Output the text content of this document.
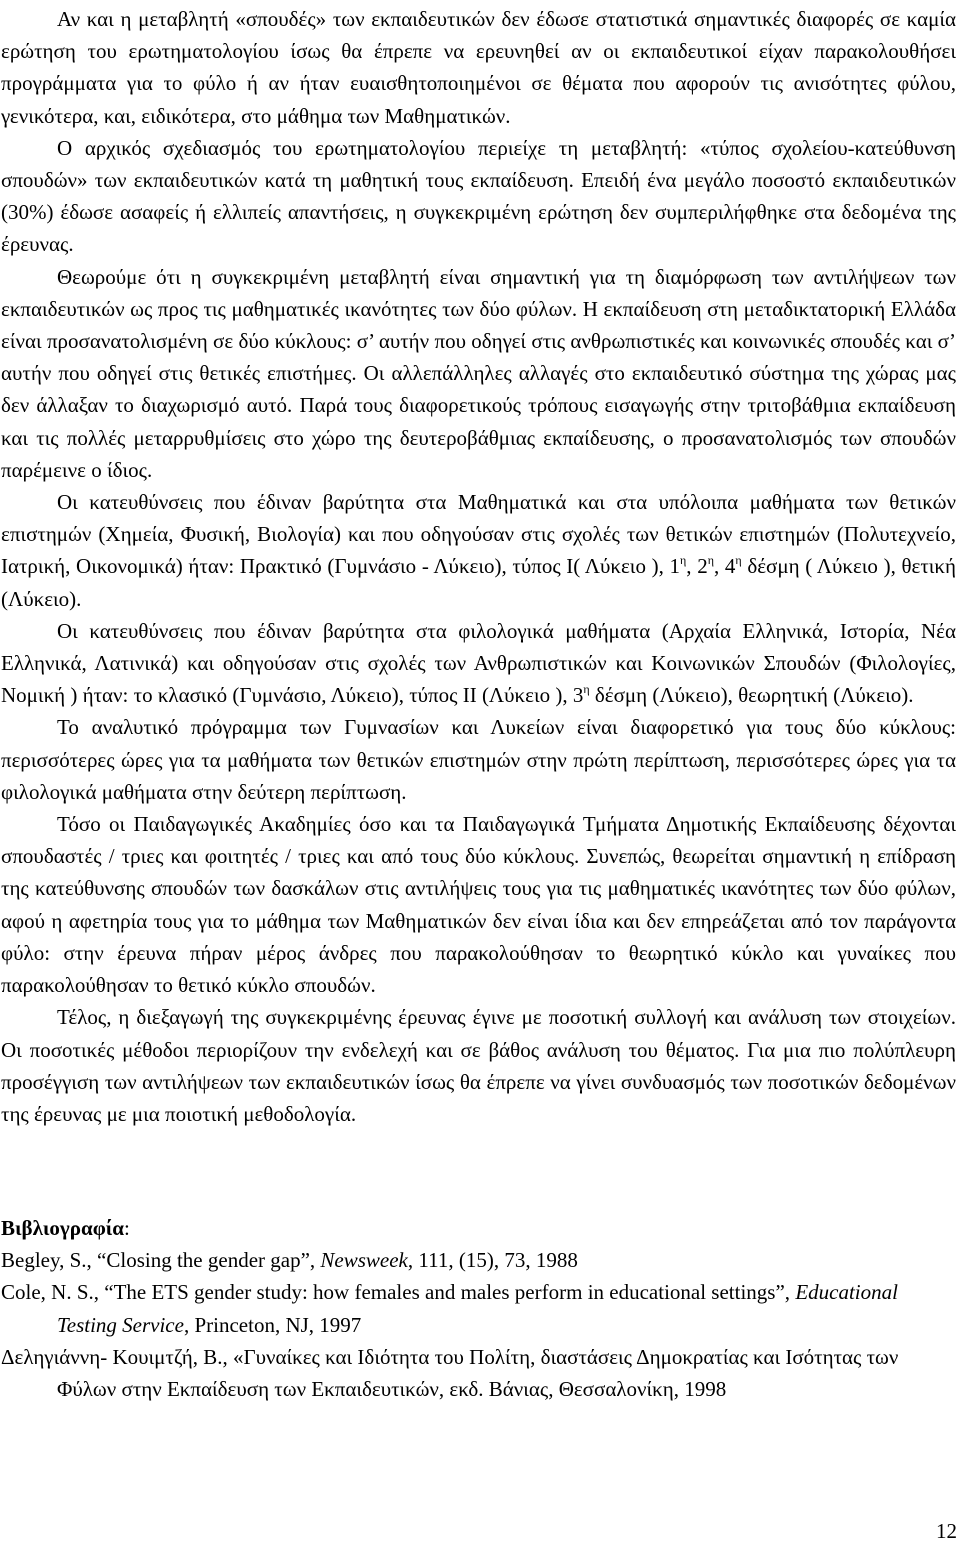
Αν και η μεταβλητή «σπουδές» των εκπαιδευτικών δεν έδωσε στατιστικά σημαντικές διαφορές σε καμία ερώτηση του ερωτηματολογίου ίσως θα έπρεπε να ερευνηθεί αν οι εκπαιδευτικοί είχαν παρακολουθήσει προγράμματα για το φύλο ή αν ήταν ευαισθητοποιημένοι σε θέματα που αφορούν τις ανισότητες φύλου, γενικότερα, και, ειδικότερα, στο μάθημα των Μαθηματικών.

Ο αρχικός σχεδιασμός του ερωτηματολογίου περιείχε τη μεταβλητή: «τύπος σχολείου-κατεύθυνση σπουδών» των εκπαιδευτικών κατά τη μαθητική τους εκπαίδευση. Επειδή ένα μεγάλο ποσοστό εκπαιδευτικών (30%) έδωσε ασαφείς ή ελλιπείς απαντήσεις, η συγκεκριμένη ερώτηση δεν συμπεριλήφθηκε στα δεδομένα της έρευνας.

Θεωρούμε ότι η συγκεκριμένη μεταβλητή είναι σημαντική για τη διαμόρφωση των αντιλήψεων των εκπαιδευτικών ως προς τις μαθηματικές ικανότητες των δύο φύλων. Η εκπαίδευση στη μεταδικτατορική Ελλάδα είναι προσανατολισμένη σε δύο κύκλους: σ’ αυτήν που οδηγεί στις ανθρωπιστικές και κοινωνικές σπουδές και σ’ αυτήν που οδηγεί στις θετικές επιστήμες. Οι αλλεπάλληλες αλλαγές στο εκπαιδευτικό σύστημα της χώρας μας δεν άλλαξαν το διαχωρισμό αυτό. Παρά τους διαφορετικούς τρόπους εισαγωγής στην τριτοβάθμια εκπαίδευση και τις πολλές μεταρρυθμίσεις στο χώρο της δευτεροβάθμιας εκπαίδευσης, ο προσανατολισμός των σπουδών παρέμεινε ο ίδιος.

Οι κατευθύνσεις που έδιναν βαρύτητα στα Μαθηματικά και στα υπόλοιπα μαθήματα των θετικών επιστημών (Χημεία, Φυσική, Βιολογία) και που οδηγούσαν στις σχολές των θετικών επιστημών (Πολυτεχνείο, Ιατρική, Οικονομικά) ήταν: Πρακτικό (Γυμνάσιο - Λύκειο), τύπος Ι( Λύκειο ), $1^\eta$, $2^\eta$, $4^\eta$ δέσμη ( Λύκειο ), θετική (Λύκειο).

Οι κατευθύνσεις που έδιναν βαρύτητα στα φιλολογικά μαθήματα (Αρχαία Ελληνικά, Ιστορία, Νέα Ελληνικά, Λατινικά) και οδηγούσαν στις σχολές των Ανθρωπιστικών και Κοινωνικών Σπουδών (Φιλολογίες, Νομική ) ήταν: το κλασικό (Γυμνάσιο, Λύκειο), τύπος ΙΙ (Λύκειο ), $3^\eta$ δέσμη (Λύκειο), θεωρητική (Λύκειο).

Το αναλυτικό πρόγραμμα των Γυμνασίων και Λυκείων είναι διαφορετικό για τους δύο κύκλους: περισσότερες ώρες για τα μαθήματα των θετικών επιστημών στην πρώτη περίπτωση, περισσότερες ώρες για τα φιλολογικά μαθήματα στην δεύτερη περίπτωση.

Τόσο οι Παιδαγωγικές Ακαδημίες όσο και τα Παιδαγωγικά Τμήματα Δημοτικής Εκπαίδευσης δέχονται σπουδαστές / τριες και φοιτητές / τριες και από τους δύο κύκλους. Συνεπώς, θεωρείται σημαντική η επίδραση της κατεύθυνσης σπουδών των δασκάλων στις αντιλήψεις τους για τις μαθηματικές ικανότητες των δύο φύλων, αφού η αφετηρία τους για το μάθημα των Μαθηματικών δεν είναι ίδια και δεν επηρεάζεται από τον παράγοντα φύλο: στην έρευνα πήραν μέρος άνδρες που παρακολούθησαν το θεωρητικό κύκλο και γυναίκες που παρακολούθησαν το θετικό κύκλο σπουδών.

Τέλος, η διεξαγωγή της συγκεκριμένης έρευνας έγινε με ποσοτική συλλογή και ανάλυση των στοιχείων. Οι ποσοτικές μέθοδοι περιορίζουν την ενδελεχή και σε βάθος ανάλυση του θέματος. Για μια πιο πολύπλευρη προσέγγιση των αντιλήψεων των εκπαιδευτικών ίσως θα έπρεπε να γίνει συνδυασμός των ποσοτικών δεδομένων της έρευνας με μια ποιοτική μεθοδολογία.

Βιβλιογραφία:

Begley, S., “Closing the gender gap”, Newsweek, 111, (15), 73, 1988

Cole, N. S., “The ETS gender study: how females and males perform in educational settings”, Educational Testing Service, Princeton, NJ, 1997

Δεληγιάννη- Κουιμτζή, Β., «Γυναίκες και Ιδιότητα του Πολίτη, διαστάσεις Δημοκρατίας και Ισότητας των Φύλων στην Εκπαίδευση των Εκπαιδευτικών, εκδ. Βάνιας, Θεσσαλονίκη, 1998

12
